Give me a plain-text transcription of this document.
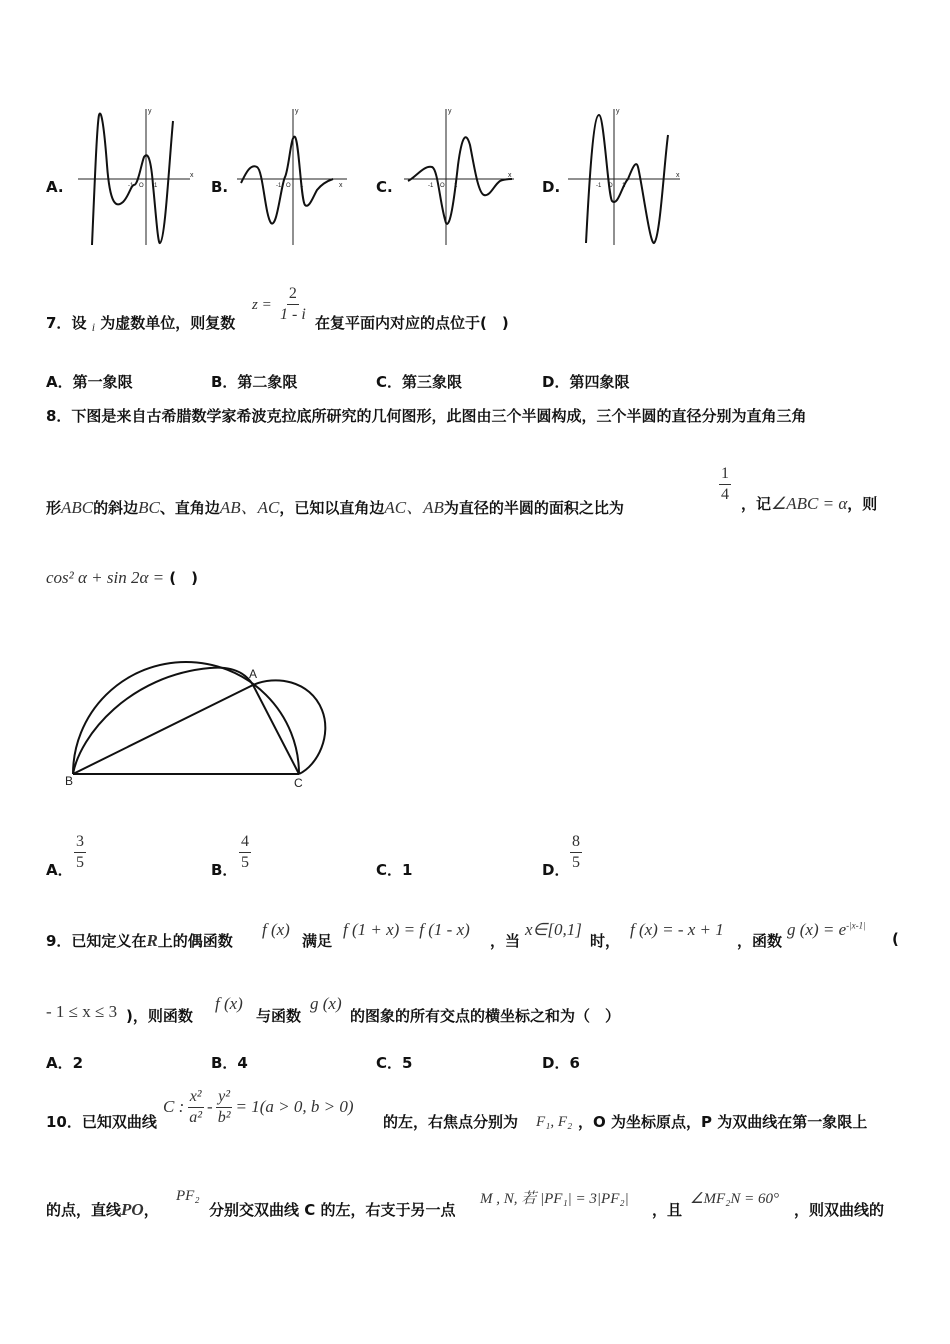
A.	B.	C.	D.
x
y
-1 O 1	x
y
-1 O 1
x
y
-1 O 1
x
y
-1 O 1
7．设 $_i$ 为虚数单位，则复数
$z = \frac{2}{1 - i}$ 在复平面内对应的点位于(　)
A．第一象限	B．第二象限	C．第三象限	D．第四象限
8．下图是来自古希腊数学家希波克拉底所研究的几何图形，此图由三个半圆构成，三个半圆的直径分别为直角三角
形ABC的斜边BC、直角边AB、AC，已知以直角边AC、AB为直径的半圆的面积之比为
$\frac{1}{4}$
，记∠ABC = α，则
cos² α + sin 2α = (　)
A
B	C
A． $\frac{3}{5}$	B． $\frac{4}{5}$	C．1	D． $\frac{8}{5}$
9．已知定义在R上的偶函数
f (x)
满足
f (1 + x) = f (1 - x)
，当
x∈[0,1]
时，
f (x) = - x + 1
，函数
g $(x) = e^{-|x-1|}$
(
- 1 ≤ x ≤ 3 )，则函数
f (x)
与函数
g (x)
的图象的所有交点的横坐标之和为（　）
A．2	B．4	C．5	D．6
10．已知双曲线
C : $\frac{\text{x²}}{\text{a²}} - \frac{\text{y²}}{\text{b²}} = 1(a > 0$, b > 0)
的左，右焦点分别为 F₁, F₂ ，O 为坐标原点，P 为双曲线在第一象限上
的点，直线PO，
PF₂
分别交双曲线 C 的左，右支于另一点
M , N, 若 |PF₁| = 3|PF₂|
，且
∠MF₂N = 60°
，则双曲线的
